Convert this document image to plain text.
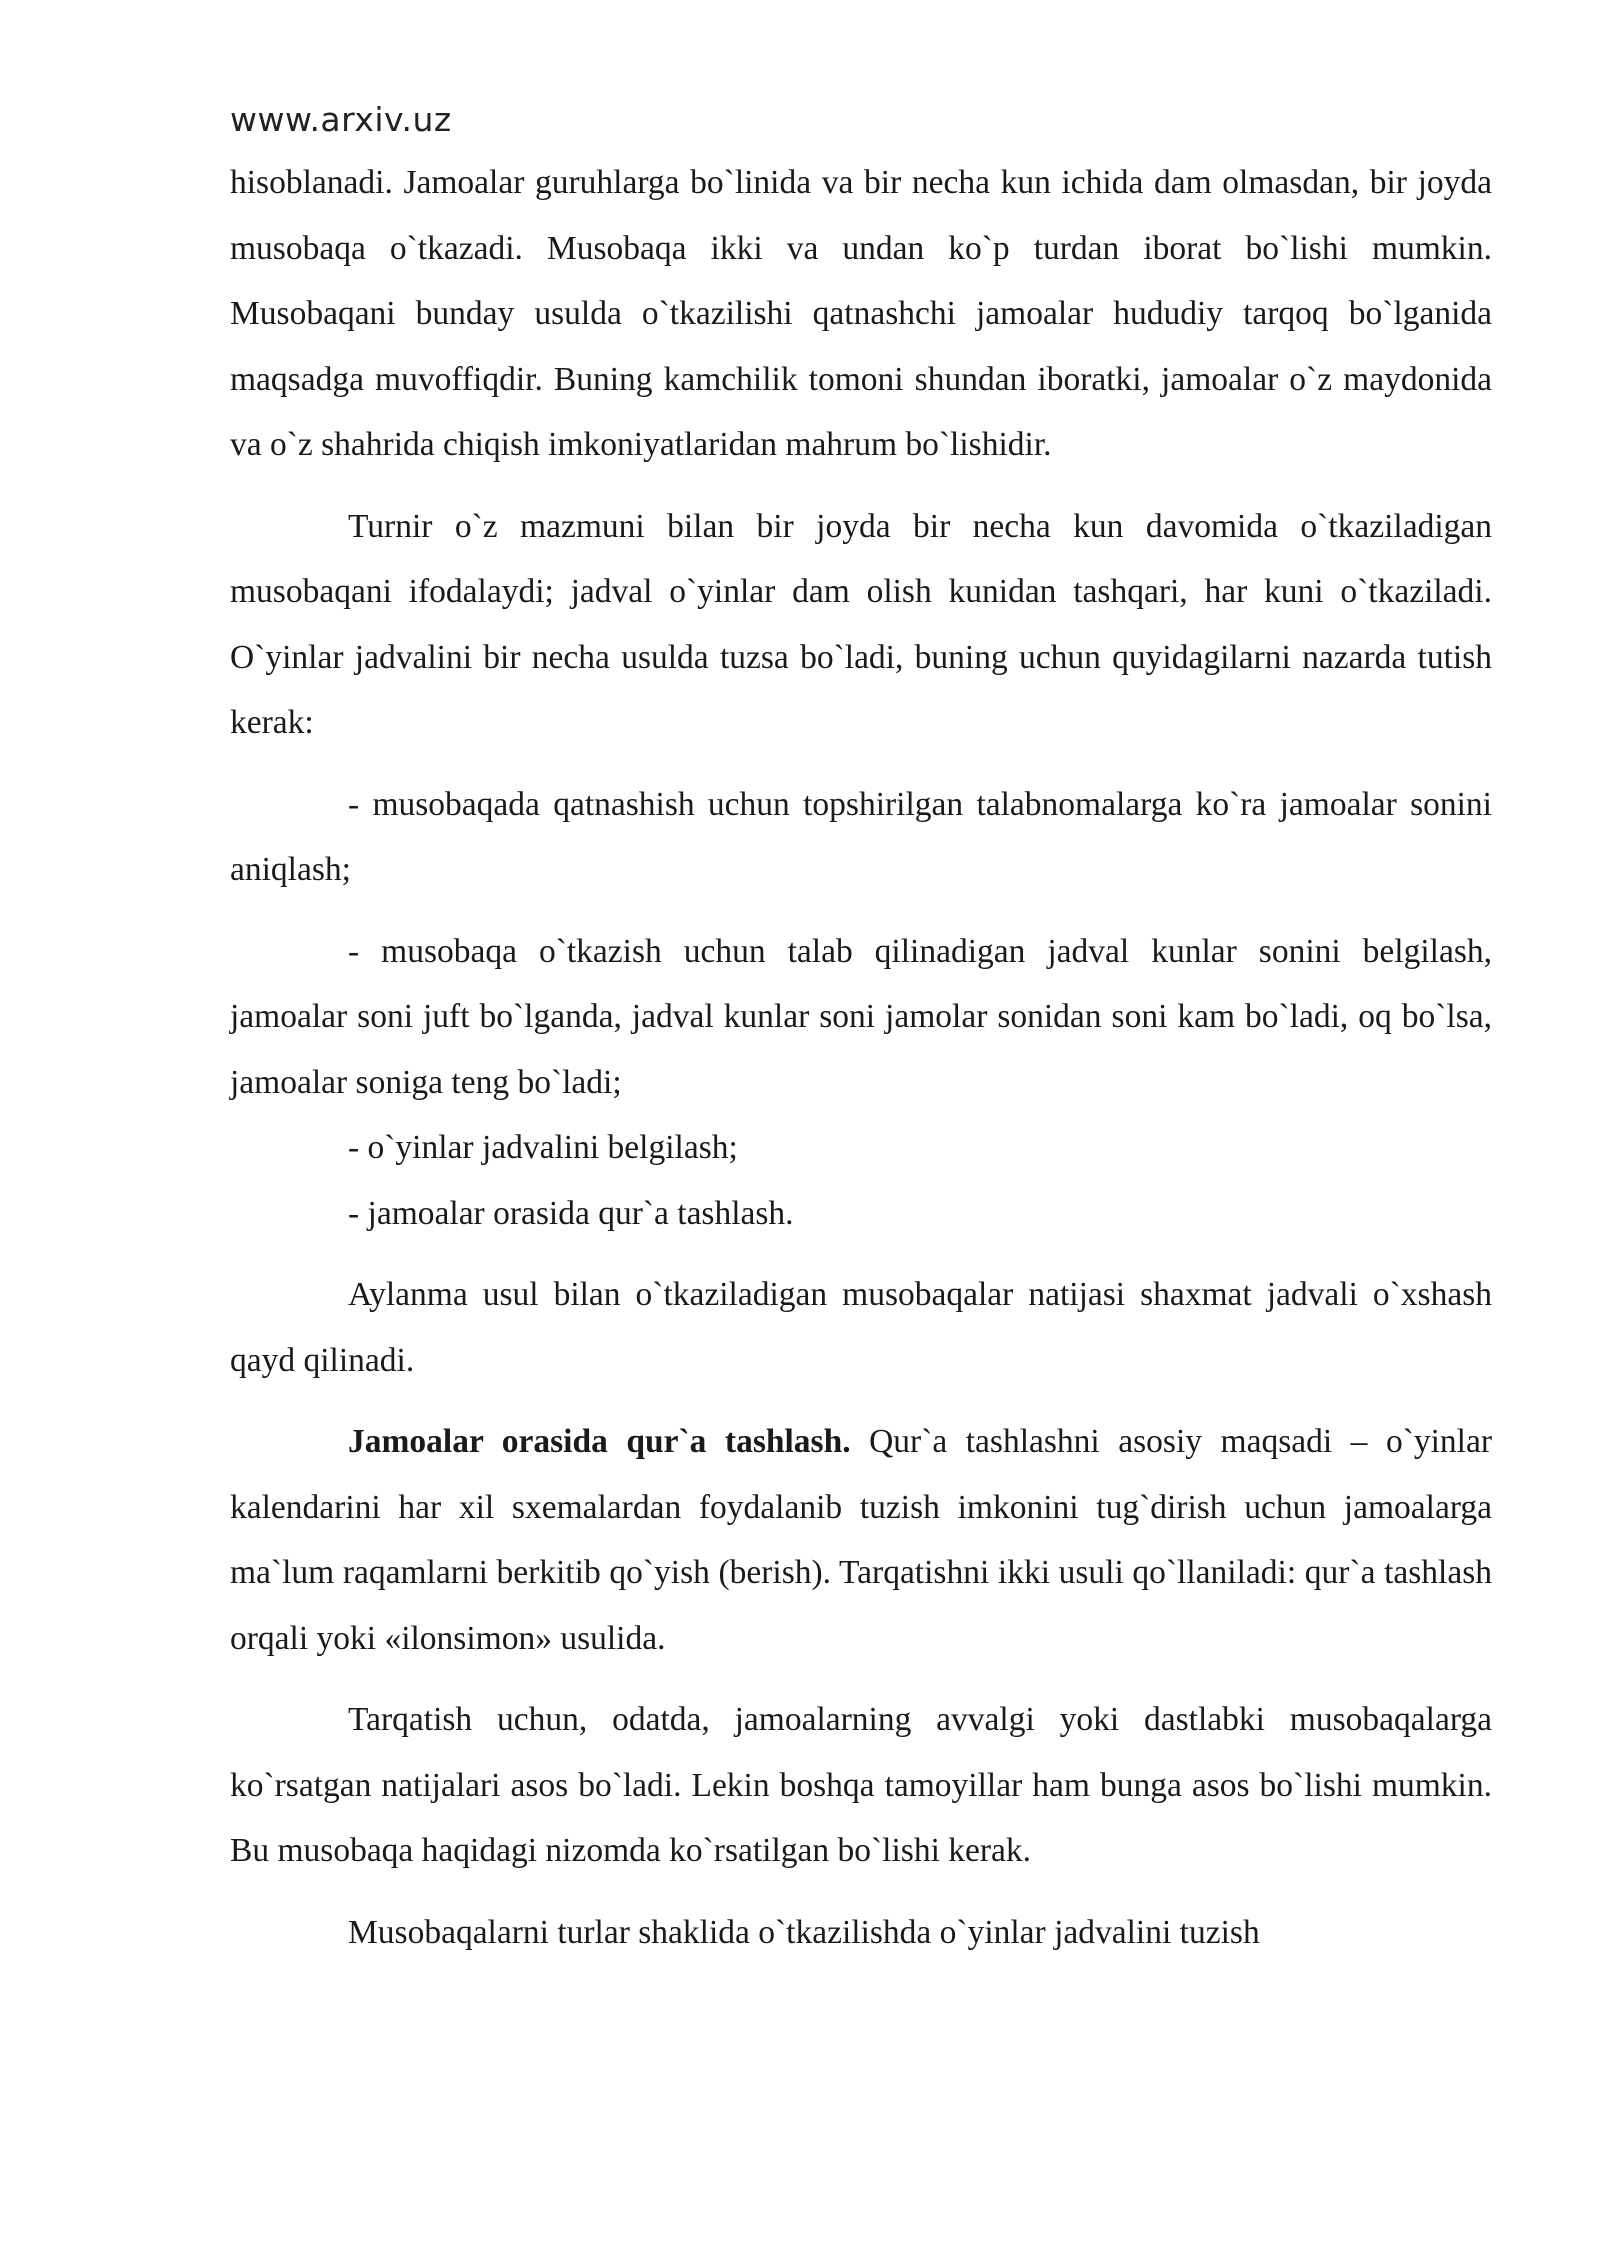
www.arxiv.uz

hisoblanadi. Jamoalar guruhlarga bo`linida va bir necha kun ichida dam olmasdan, bir joyda musobaqa o`tkazadi. Musobaqa ikki va undan ko`p turdan iborat bo`lishi mumkin. Musobaqani bunday usulda o`tkazilishi qatnashchi jamoalar hududiy tarqoq bo`lganida maqsadga muvoffiqdir. Buning kamchilik tomoni shundan iboratki, jamoalar o`z maydonida va o`z shahrida chiqish imkoniyatlaridan mahrum bo`lishidir.

Turnir o`z mazmuni bilan bir joyda bir necha kun davomida o`tkaziladigan musobaqani ifodalaydi; jadval o`yinlar dam olish kunidan tashqari, har kuni o`tkaziladi. O`yinlar jadvalini bir necha usulda tuzsa bo`ladi, buning uchun quyidagilarni nazarda tutish kerak:

- musobaqada qatnashish uchun topshirilgan talabnomalarga ko`ra jamoalar sonini aniqlash;

- musobaqa o`tkazish uchun talab qilinadigan jadval kunlar sonini belgilash, jamoalar soni juft bo`lganda, jadval kunlar soni jamolar sonidan soni kam bo`ladi, oq bo`lsa, jamoalar soniga teng bo`ladi;

- o`yinlar jadvalini belgilash;

- jamoalar orasida qur`a tashlash.

Aylanma usul bilan o`tkaziladigan musobaqalar natijasi shaxmat jadvali o`xshash qayd qilinadi.

Jamoalar orasida qur`a tashlash. Qur`a tashlashni asosiy maqsadi – o`yinlar kalendarini har xil sxemalardan foydalanib tuzish imkonini tug`dirish uchun jamoalarga ma`lum raqamlarni berkitib qo`yish (berish). Tarqatishni ikki usuli qo`llaniladi: qur`a tashlash orqali yoki «ilonsimon» usulida.

Tarqatish uchun, odatda, jamoalarning avvalgi yoki dastlabki musobaqalarga ko`rsatgan natijalari asos bo`ladi. Lekin boshqa tamoyillar ham bunga asos bo`lishi mumkin. Bu musobaqa haqidagi nizomda ko`rsatilgan bo`lishi kerak.

Musobaqalarni turlar shaklida o`tkazilishda o`yinlar jadvalini tuzish
